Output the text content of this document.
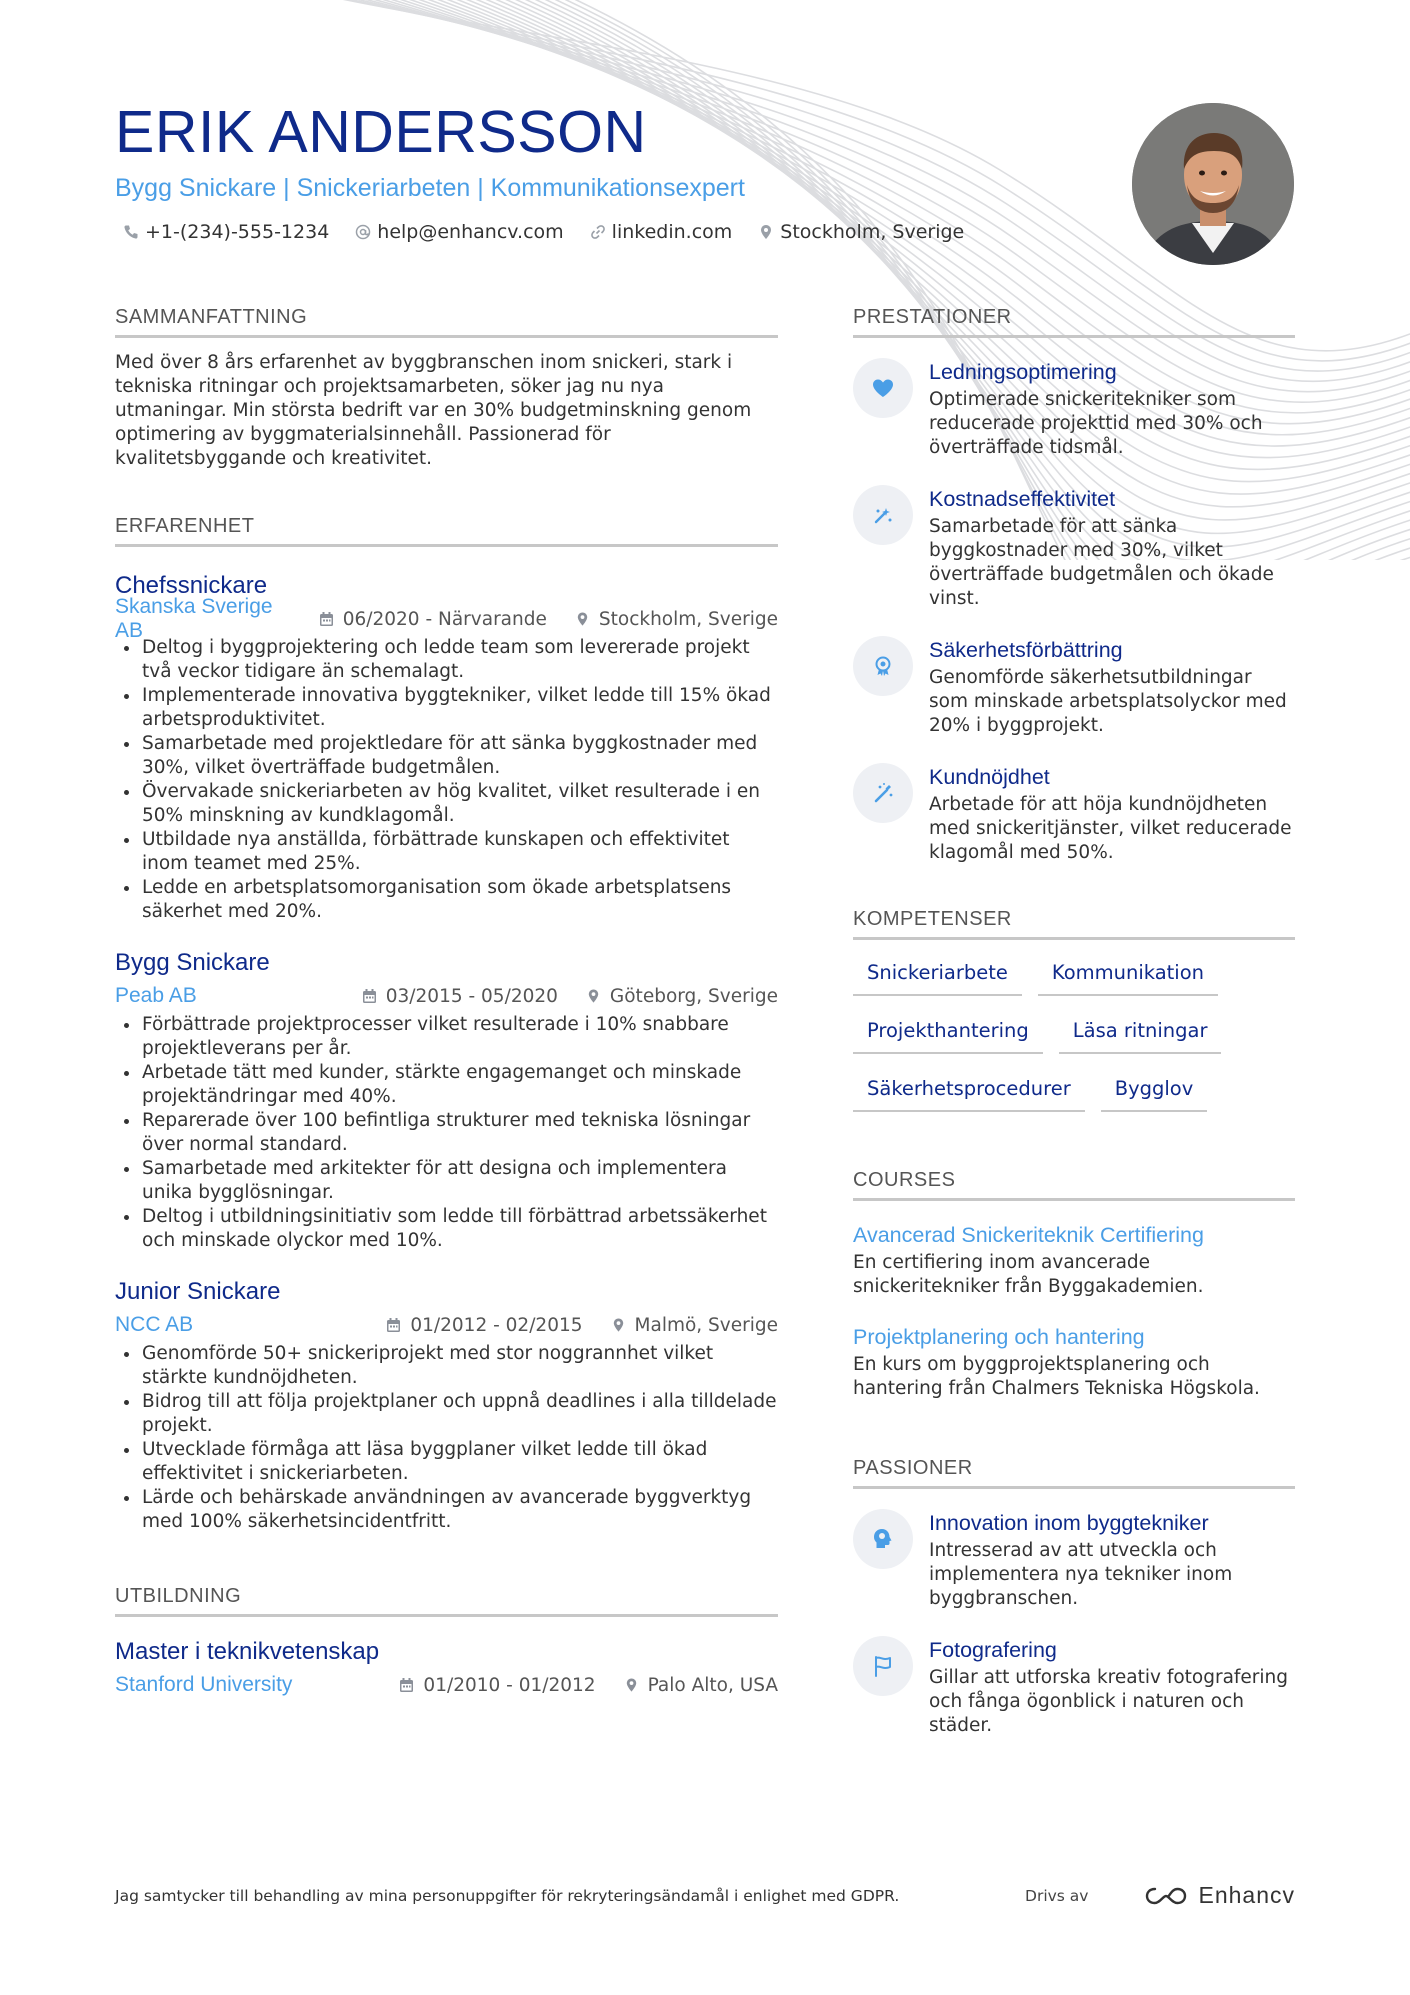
ERIK ANDERSSON
Bygg Snickare | Snickeriarbeten | Kommunikationsexpert
+1-(234)-555-1234	help@enhancv.com	linkedin.com	Stockholm, Sverige
SAMMANFATTNING

Med över 8 års erfarenhet av byggbranschen inom snickeri, stark i tekniska ritningar och projektsamarbeten, söker jag nu nya utmaningar. Min största bedrift var en 30% budgetminskning genom optimering av byggmaterialsinnehåll. Passionerad för kvalitetsbyggande och kreativitet.

ERFARENHET
Chefssnickare
Skanska Sverige AB	06/2020 - Närvarande	Stockholm, Sverige
Deltog i byggprojektering och ledde team som levererade projekt två veckor tidigare än schemalagt.
Implementerade innovativa byggtekniker, vilket ledde till 15% ökad arbetsproduktivitet.
Samarbetade med projektledare för att sänka byggkostnader med 30%, vilket överträffade budgetmålen.
Övervakade snickeriarbeten av hög kvalitet, vilket resulterade i en 50% minskning av kundklagomål.
Utbildade nya anställda, förbättrade kunskapen och effektivitet inom teamet med 25%.
Ledde en arbetsplatsomorganisation som ökade arbetsplatsens säkerhet med 20%.
Bygg Snickare
Peab AB	03/2015 - 05/2020	Göteborg, Sverige
Förbättrade projektprocesser vilket resulterade i 10% snabbare projektleverans per år.
Arbetade tätt med kunder, stärkte engagemanget och minskade projektändringar med 40%.
Reparerade över 100 befintliga strukturer med tekniska lösningar över normal standard.
Samarbetade med arkitekter för att designa och implementera unika bygglösningar.
Deltog i utbildningsinitiativ som ledde till förbättrad arbetssäkerhet och minskade olyckor med 10%.
Junior Snickare
NCC AB	01/2012 - 02/2015	Malmö, Sverige
Genomförde 50+ snickeriprojekt med stor noggrannhet vilket stärkte kundnöjdheten.
Bidrog till att följa projektplaner och uppnå deadlines i alla tilldelade projekt.
Utvecklade förmåga att läsa byggplaner vilket ledde till ökad effektivitet i snickeriarbeten.
Lärde och behärskade användningen av avancerade byggverktyg med 100% säkerhetsincidentfritt.
UTBILDNING
Master i teknikvetenskap
Stanford University	01/2010 - 01/2012	Palo Alto, USA
PRESTATIONER
Ledningsoptimering
Optimerade snickeritekniker som reducerade projekttid med 30% och överträffade tidsmål.
Kostnadseffektivitet
Samarbetade för att sänka byggkostnader med 30%, vilket överträffade budgetmålen och ökade vinst.
Säkerhetsförbättring
Genomförde säkerhetsutbildningar som minskade arbetsplatsolyckor med 20% i byggprojekt.
Kundnöjdhet
Arbetade för att höja kundnöjdheten med snickeritjänster, vilket reducerade klagomål med 50%.
KOMPETENSER
Snickeriarbete	Kommunikation
Projekthantering	Läsa ritningar
Säkerhetsprocedurer	Bygglov
COURSES
Avancerad Snickeriteknik Certifiering
En certifiering inom avancerade snickeritekniker från Byggakademien.
Projektplanering och hantering
En kurs om byggprojektsplanering och hantering från Chalmers Tekniska Högskola.
PASSIONER
Innovation inom byggtekniker
Intresserad av att utveckla och implementera nya tekniker inom byggbranschen.
Fotografering
Gillar att utforska kreativ fotografering och fånga ögonblick i naturen och städer.
Jag samtycker till behandling av mina personuppgifter för rekryteringsändamål i enlighet med GDPR.	Drivs av	Enhancv
